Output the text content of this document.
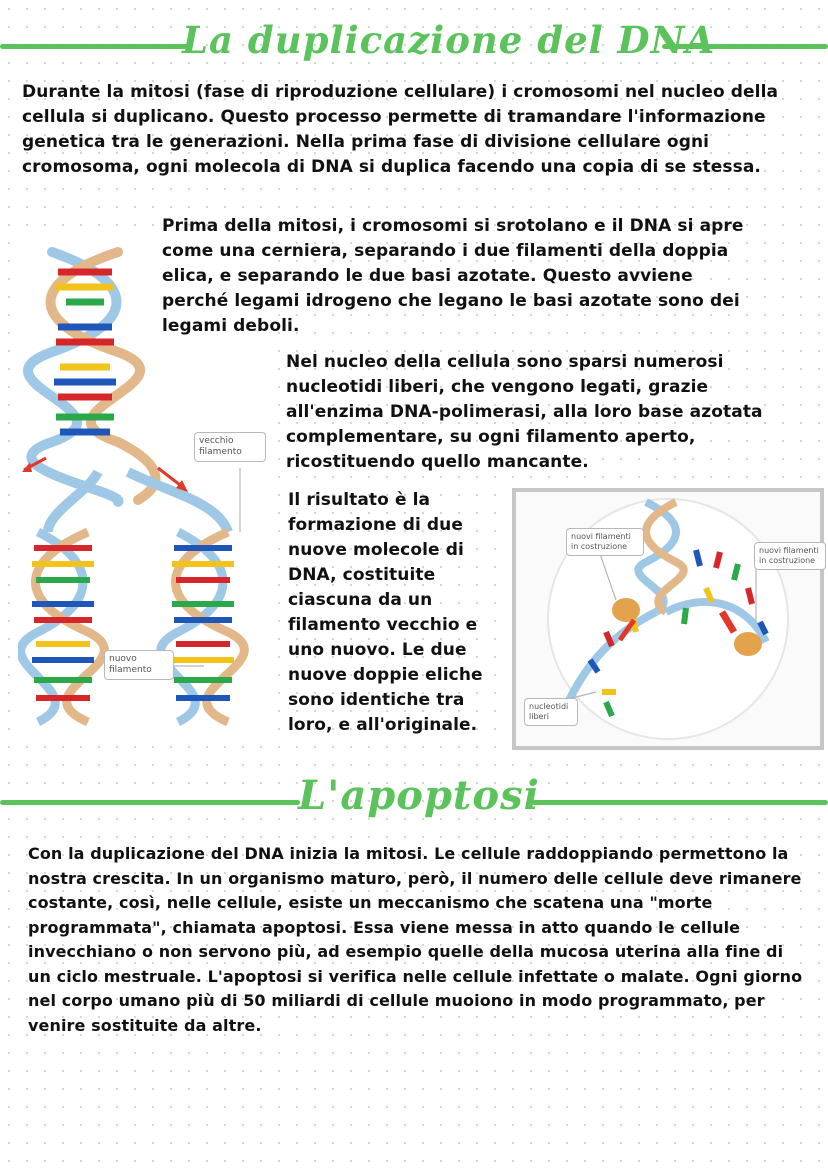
La duplicazione del DNA

Durante la mitosi (fase di riproduzione cellulare) i cromosomi nel nucleo della cellula si duplicano. Questo processo permette di tramandare l'informazione genetica tra le generazioni. Nella prima fase di divisione cellulare ogni cromosoma, ogni molecola di DNA si duplica facendo una copia di se stessa.

vecchio filamento
nuovo filamento

Prima della mitosi, i cromosomi si srotolano e il DNA si apre come una cerniera, separando i due filamenti della doppia elica, e separando le due basi azotate. Questo avviene perché legami idrogeno che legano le basi azotate sono dei legami deboli.

Nel nucleo della cellula sono sparsi numerosi nucleotidi liberi, che vengono legati, grazie all'enzima DNA-polimerasi, alla loro base azotata complementare, su ogni filamento aperto, ricostituendo quello mancante.

Il risultato è la formazione di due nuove molecole di DNA, costituite ciascuna da un filamento vecchio e uno nuovo. Le due nuove doppie eliche sono identiche tra loro, e all'originale.

nuovi filamenti in costruzione	nuovi filamenti in costruzione
nucleotidi liberi
L'apoptosi

Con la duplicazione del DNA inizia la mitosi. Le cellule raddoppiando permettono la nostra crescita. In un organismo maturo, però, il numero delle cellule deve rimanere costante, così, nelle cellule, esiste un meccanismo che scatena una "morte programmata", chiamata apoptosi. Essa viene messa in atto quando le cellule invecchiano o non servono più, ad esempio quelle della mucosa uterina alla fine di un ciclo mestruale. L'apoptosi si verifica nelle cellule infettate o malate. Ogni giorno nel corpo umano più di 50 miliardi di cellule muoiono in modo programmato, per venire sostituite da altre.
